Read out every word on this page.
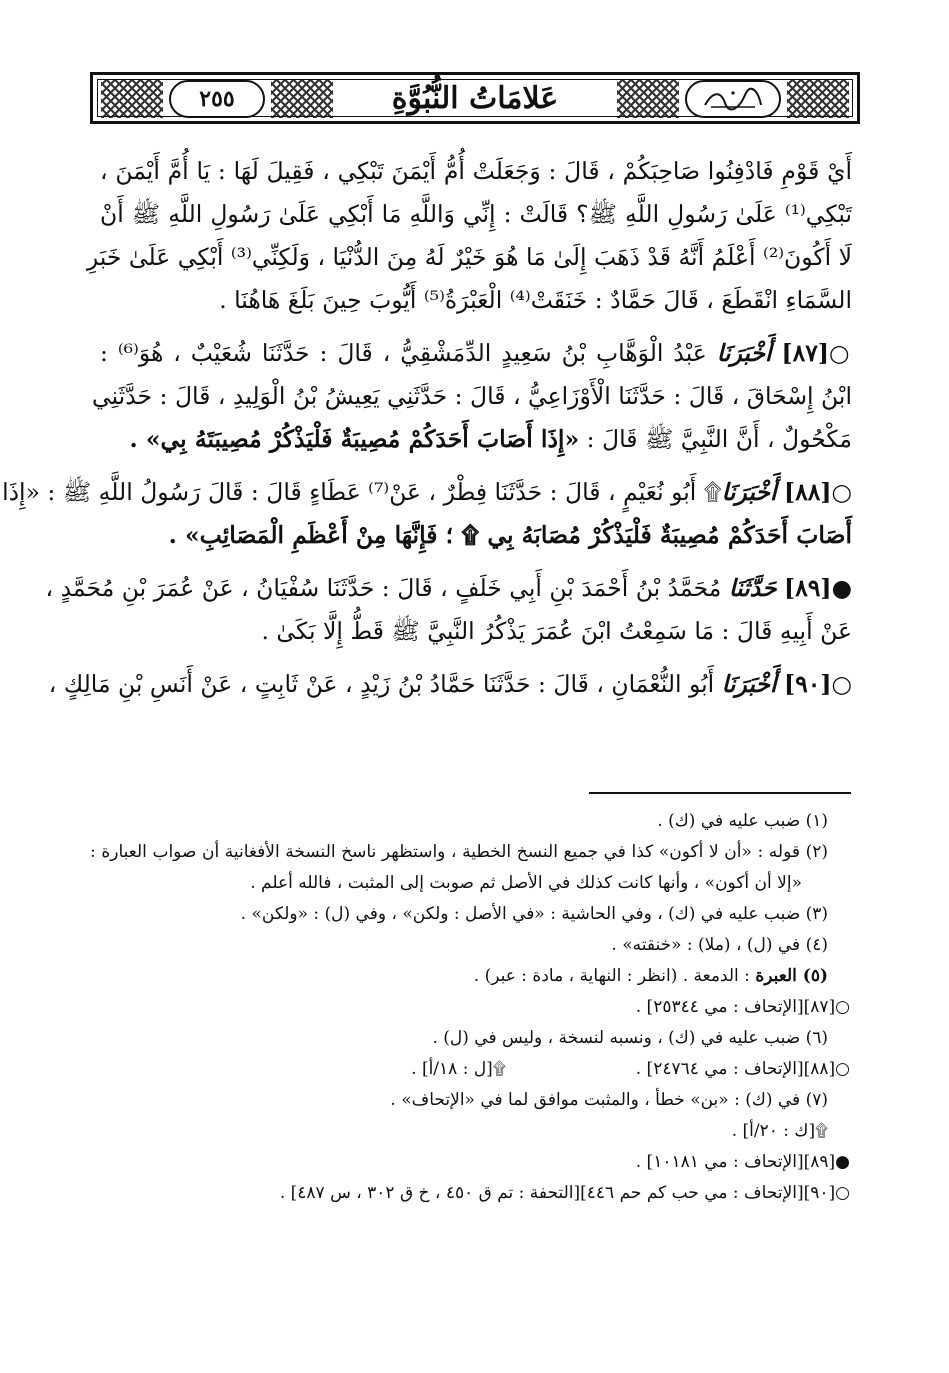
٢٥٥	عَلامَاتُ النُّبُوَّةِ
أَيْ قَوْمِ فَادْفِنُوا صَاحِبَكُمْ ، قَالَ : وَجَعَلَتْ أُمُّ أَيْمَنَ تَبْكِي ، فَقِيلَ لَهَا : يَا أُمَّ أَيْمَنَ ،
تَبْكِي⁽¹⁾ عَلَىٰ رَسُولِ اللَّهِ ﷺ؟ قَالَتْ : إِنِّي وَاللَّهِ مَا أَبْكِي عَلَىٰ رَسُولِ اللَّهِ ﷺ أَنْ
لَا أَكُونَ⁽²⁾ أَعْلَمُ أَنَّهُ قَدْ ذَهَبَ إِلَىٰ مَا هُوَ خَيْرٌ لَهُ مِنَ الدُّنْيَا ، وَلَكِنِّي⁽³⁾ أَبْكِي عَلَىٰ خَبَرِ
السَّمَاءِ انْقَطَعَ ، قَالَ حَمَّادٌ : خَنَقَتْ⁽⁴⁾ الْعَبْرَةُ⁽⁵⁾ أَيُّوبَ حِينَ بَلَغَ هَاهُنَا .
○[٨٧] أَخْبَرَنَا عَبْدُ الْوَهَّابِ بْنُ سَعِيدٍ الدِّمَشْقِيُّ ، قَالَ : حَدَّثَنَا شُعَيْبٌ ، هُوَ⁽⁶⁾ :
ابْنُ إِسْحَاقَ ، قَالَ : حَدَّثَنَا الْأَوْزَاعِيُّ ، قَالَ : حَدَّثَنِي يَعِيشُ بْنُ الْوَلِيدِ ، قَالَ : حَدَّثَنِي
مَكْحُولٌ ، أَنَّ النَّبِيَّ ﷺ قَالَ : «إِذَا أَصَابَ أَحَدَكُمْ مُصِيبَةٌ فَلْيَذْكُرْ مُصِيبَتَهُ بِي» .
○[٨٨] أَخْبَرَنَا۩ أَبُو نُعَيْمٍ ، قَالَ : حَدَّثَنَا فِطْرٌ ، عَنْ⁽⁷⁾ عَطَاءٍ قَالَ : قَالَ رَسُولُ اللَّهِ ﷺ : «إِذَا
أَصَابَ أَحَدَكُمْ مُصِيبَةٌ فَلْيَذْكُرْ مُصَابَهُ بِي ۩ ؛ فَإِنَّهَا مِنْ أَعْظَمِ الْمَصَائِبِ» .
●[٨٩] حَدَّثَنَا مُحَمَّدُ بْنُ أَحْمَدَ بْنِ أَبِي خَلَفٍ ، قَالَ : حَدَّثَنَا سُفْيَانُ ، عَنْ عُمَرَ بْنِ مُحَمَّدٍ ،
عَنْ أَبِيهِ قَالَ : مَا سَمِعْتُ ابْنَ عُمَرَ يَذْكُرُ النَّبِيَّ ﷺ قَطُّ إِلَّا بَكَىٰ .
○[٩٠] أَخْبَرَنَا أَبُو النُّعْمَانِ ، قَالَ : حَدَّثَنَا حَمَّادُ بْنُ زَيْدٍ ، عَنْ ثَابِتٍ ، عَنْ أَنَسِ بْنِ مَالِكٍ ،
(١) ضبب عليه في (ك) .
(٢) قوله : «أن لا أكون» كذا في جميع النسخ الخطية ، واستظهر ناسخ النسخة الأفغانية أن صواب العبارة :
«إلا أن أكون» ، وأنها كانت كذلك في الأصل ثم صوبت إلى المثبت ، فالله أعلم .
(٣) ضبب عليه في (ك) ، وفي الحاشية : «في الأصل : ولكن» ، وفي (ل) : «ولكن» .
(٤) في (ل) ، (ملا) : «خنقته» .
(٥) العبرة : الدمعة . (انظر : النهاية ، مادة : عبر) .
○[٨٧][الإتحاف : مي ٢٥٣٤٤] .
(٦) ضبب عليه في (ك) ، ونسبه لنسخة ، وليس في (ل) .
○[٨٨][الإتحاف : مي ٢٤٧٦٤] .۩[ل : ١٨/أ] .
(٧) في (ك) : «بن» خطأ ، والمثبت موافق لما في «الإتحاف» .
۩[ك : ٢٠/أ] .
●[٨٩][الإتحاف : مي ١٠١٨١] .
○[٩٠][الإتحاف : مي حب كم حم ٤٤٦][التحفة : تم ق ٤٥٠ ، خ ق ٣٠٢ ، س ٤٨٧] .
